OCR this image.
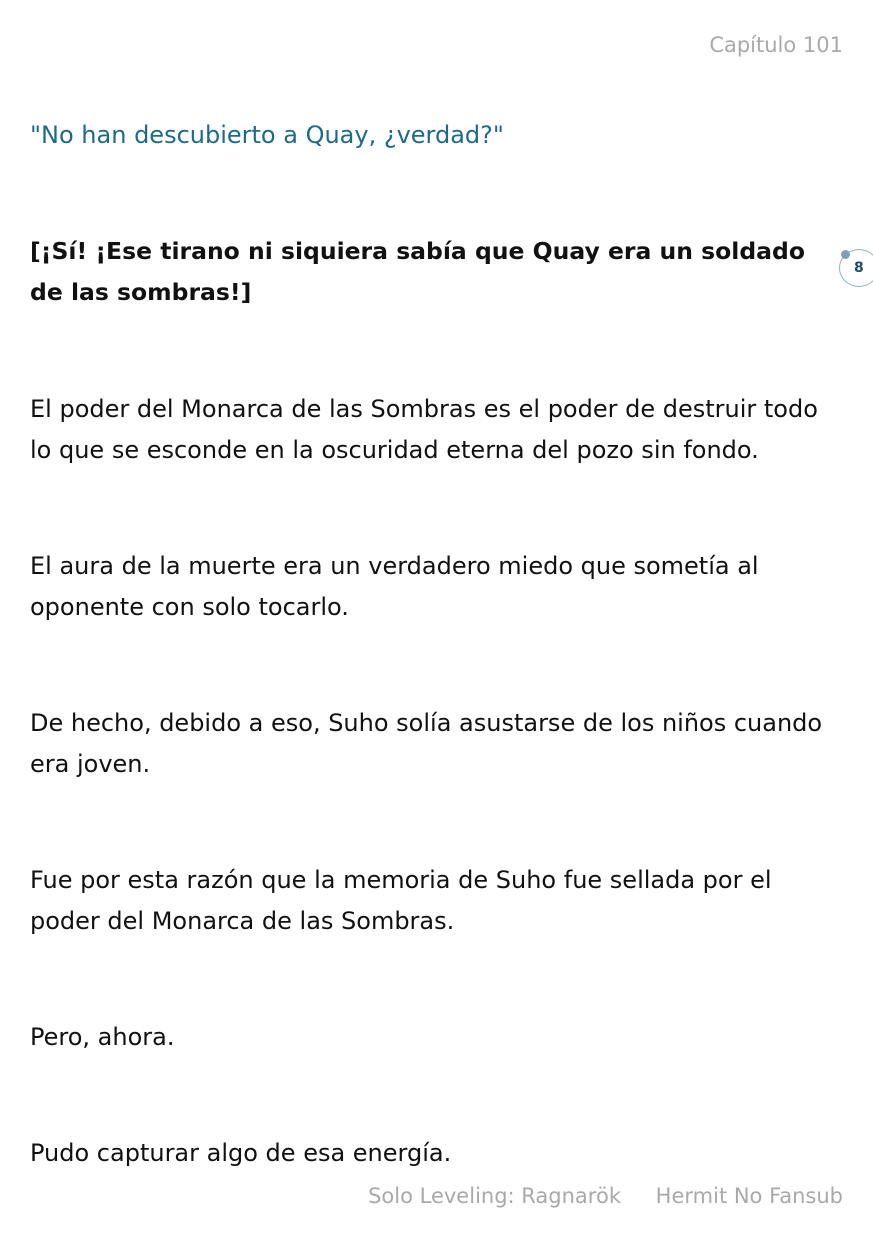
Capítulo 101

"No han descubierto a Quay, ¿verdad?"

[¡Sí! ¡Ese tirano ni siquiera sabía que Quay era un soldado de las sombras!]

El poder del Monarca de las Sombras es el poder de destruir todo lo que se esconde en la oscuridad eterna del pozo sin fondo.

El aura de la muerte era un verdadero miedo que sometía al oponente con solo tocarlo.

De hecho, debido a eso, Suho solía asustarse de los niños cuando era joven.

Fue por esta razón que la memoria de Suho fue sellada por el poder del Monarca de las Sombras.

Pero, ahora.

Pudo capturar algo de esa energía.

8
Solo Leveling: Ragnarök Hermit No Fansub
